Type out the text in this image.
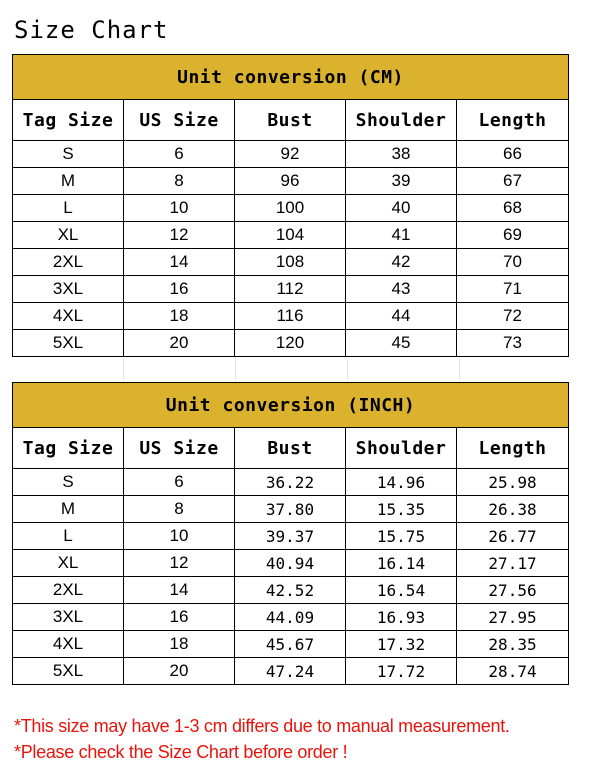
Size Chart
Unit conversion (CM)				
Tag Size	US Size	Bust	Shoulder	Length
S	6	92	38	66
M	8	96	39	67
L	10	100	40	68
XL	12	104	41	69
2XL	14	108	42	70
3XL	16	112	43	71
4XL	18	116	44	72
5XL	20	120	45	73
Unit conversion (INCH)				
Tag Size	US Size	Bust	Shoulder	Length
S	6	36.22	14.96	25.98
M	8	37.80	15.35	26.38
L	10	39.37	15.75	26.77
XL	12	40.94	16.14	27.17
2XL	14	42.52	16.54	27.56
3XL	16	44.09	16.93	27.95
4XL	18	45.67	17.32	28.35
5XL	20	47.24	17.72	28.74
*This size may have 1-3 cm differs due to manual measurement.
*Please check the Size Chart before order !
